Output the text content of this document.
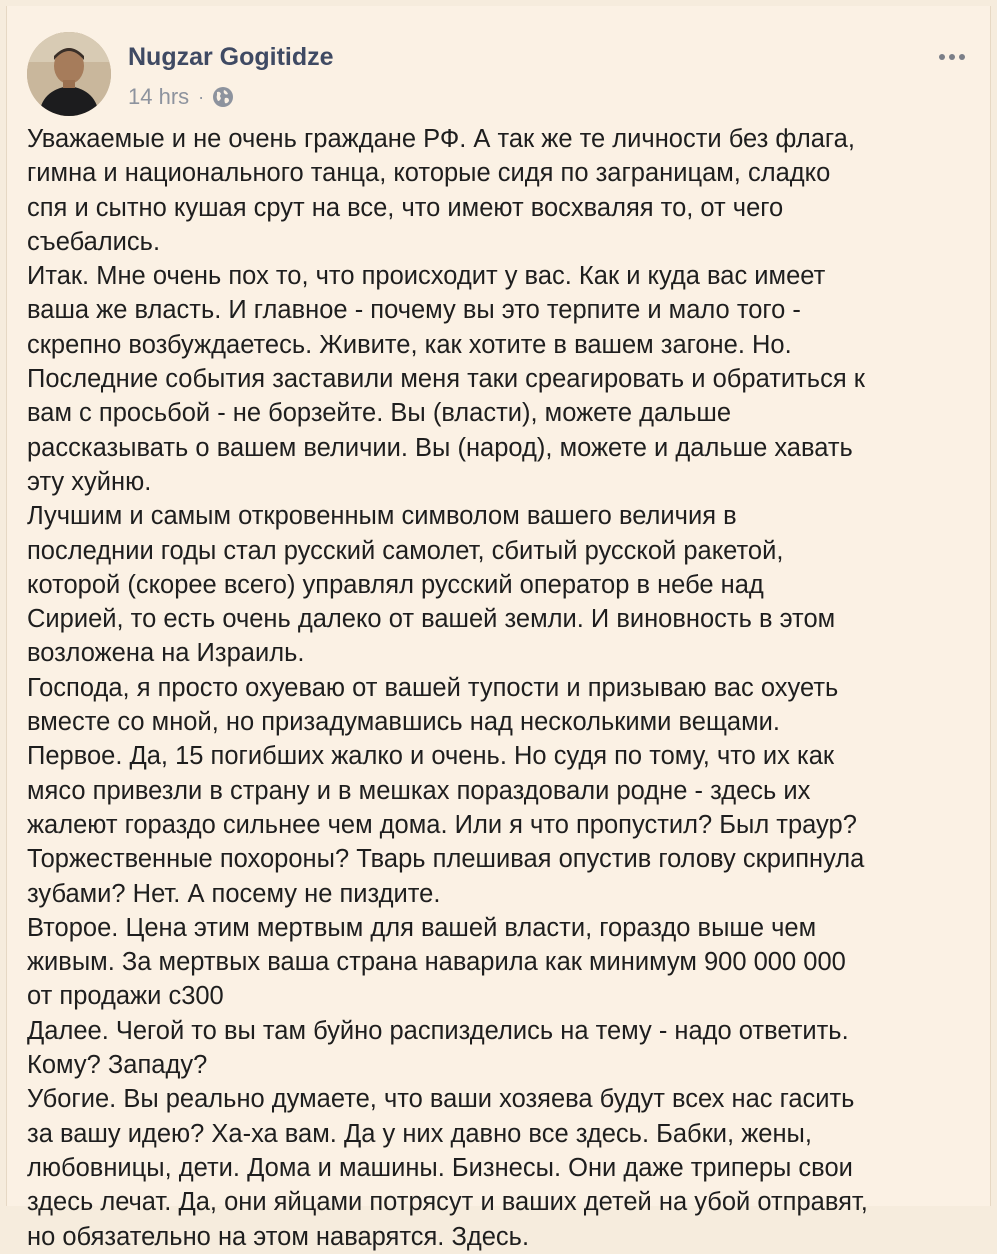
Nugzar Gogitidze
14 hrs ·

Уважаемые и не очень граждане РФ. А так же те личности без флага,

гимна и национального танца, которые сидя по заграницам, сладко

спя и сытно кушая срут на все, что имеют восхваляя то, от чего

съебались.

Итак. Мне очень пох то, что происходит у вас. Как и куда вас имеет

ваша же власть. И главное - почему вы это терпите и мало того -

скрепно возбуждаетесь. Живите, как хотите в вашем загоне. Но.

Последние события заставили меня таки среагировать и обратиться к

вам с просьбой - не борзейте. Вы (власти), можете дальше

рассказывать о вашем величии. Вы (народ), можете и дальше хавать

эту хуйню.

Лучшим и самым откровенным символом вашего величия в

последнии годы стал русский самолет, сбитый русской ракетой,

которой (скорее всего) управлял русский оператор в небе над

Сирией, то есть очень далеко от вашей земли. И виновность в этом

возложена на Израиль.

Господа, я просто охуеваю от вашей тупости и призываю вас охуеть

вместе со мной, но призадумавшись над несколькими вещами.

Первое. Да, 15 погибших жалко и очень. Но судя по тому, что их как

мясо привезли в страну и в мешках пораздовали родне - здесь их

жалеют гораздо сильнее чем дома. Или я что пропустил? Был траур?

Торжественные похороны? Тварь плешивая опустив голову скрипнула

зубами? Нет. А посему не пиздите.

Второе. Цена этим мертвым для вашей власти, гораздо выше чем

живым. За мертвых ваша страна наварила как минимум 900 000 000

от продажи с300

Далее. Чегой то вы там буйно распизделись на тему - надо ответить.

Кому? Западу?

Убогие. Вы реально думаете, что ваши хозяева будут всех нас гасить

за вашу идею? Ха-ха вам. Да у них давно все здесь. Бабки, жены,

любовницы, дети. Дома и машины. Бизнесы. Они даже триперы свои

здесь лечат. Да, они яйцами потрясут и ваших детей на убой отправят,

но обязательно на этом наварятся. Здесь.
